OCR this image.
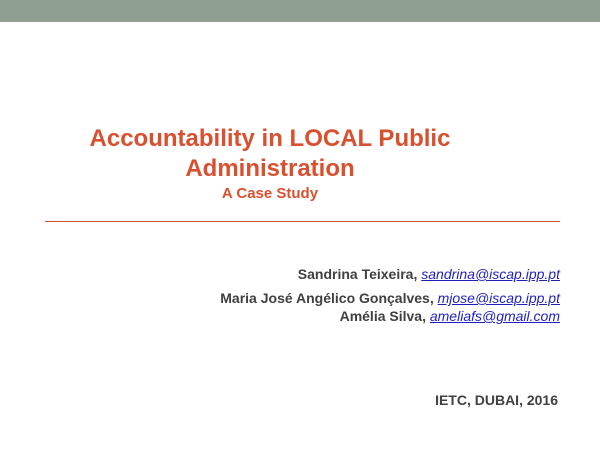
Accountability in LOCAL Public
Administration
A Case Study
Sandrina Teixeira, sandrina@iscap.ipp.pt
Maria José Angélico Gonçalves, mjose@iscap.ipp.pt
Amélia Silva, ameliafs@gmail.com
IETC, DUBAI, 2016
